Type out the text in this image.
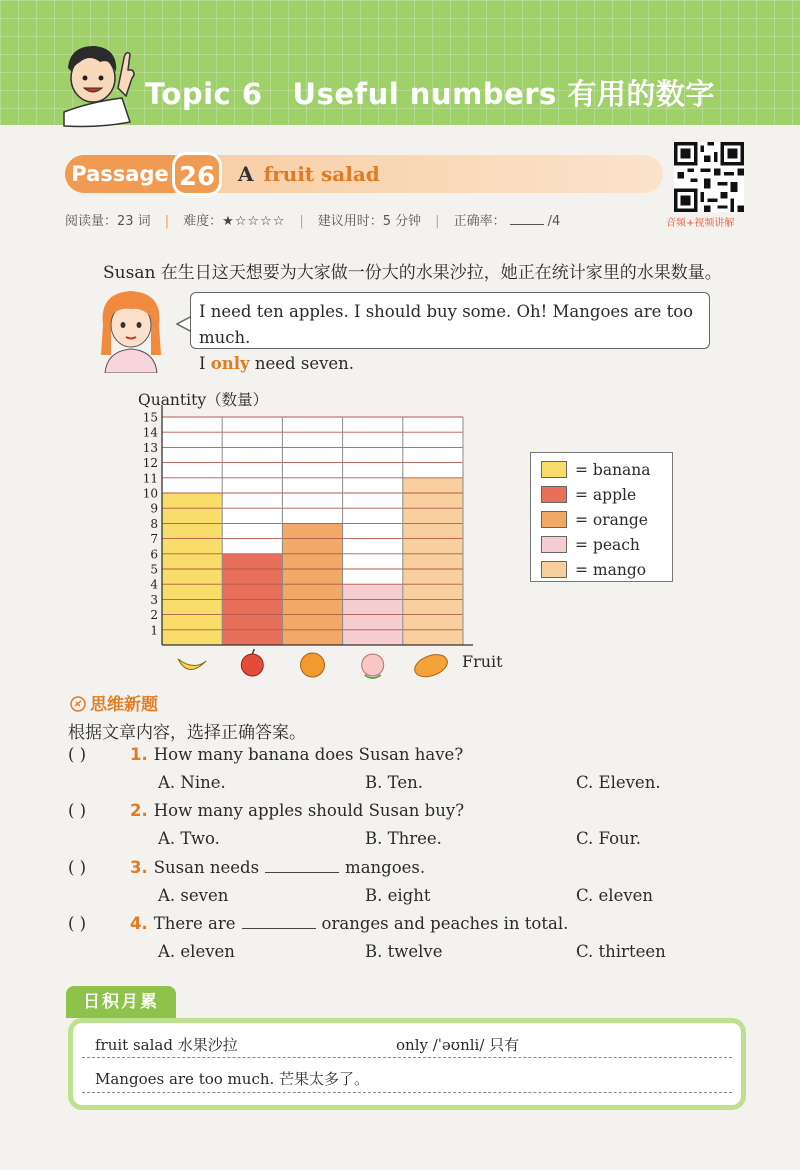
Topic 6 Useful numbers 有用的数字
Passage 26	A fruit salad
音频+视频讲解
阅读量：23 词 | 难度：★☆☆☆☆ | 建议用时：5 分钟 | 正确率：	/4
Susan 在生日这天想要为大家做一份大的水果沙拉，她正在统计家里的水果数量。
I need ten apples. I should buy some. Oh! Mangoes are too much.
I only need seven.
Quantity（数量）
1
2
3
4
5
6
7
8
9
10
11
12
13
14
15
Fruit
= banana
= apple
= orange
= peach
= mango
思维新题
根据文章内容，选择正确答案。
( )	1. How many banana does Susan have?
A. Nine.	B. Ten.	C. Eleven.
( )	2. How many apples should Susan buy?
A. Two.	B. Three.	C. Four.
( )	3. Susan needs	mangoes.
A. seven	B. eight	C. eleven
( )	4. There are	oranges and peaches in total.
A. eleven	B. twelve	C. thirteen
日积月累
fruit salad 水果沙拉	only /ˈəʊnli/ 只有
Mangoes are too much. 芒果太多了。
